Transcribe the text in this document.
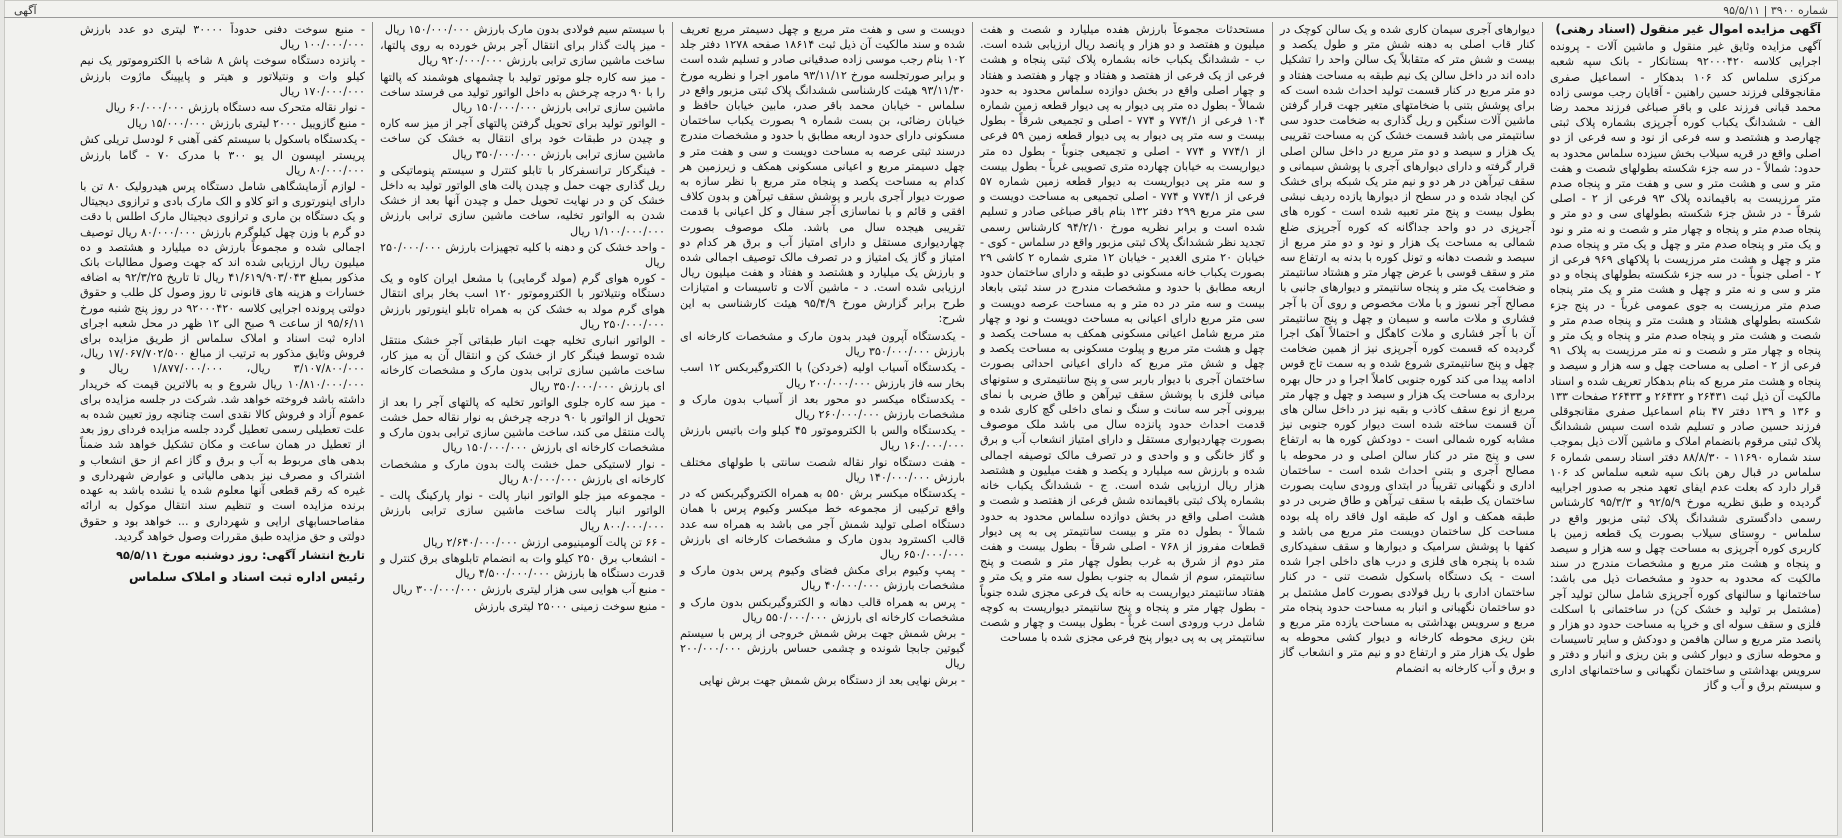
شماره ۳۹۰۰ | ۹۵/۵/۱۱
آگهی
آگهی مزایده اموال غیر منقول (اسناد رهنی)
آگهی مزایده وثایق غیر منقول و ماشین آلات - پرونده اجرایی کلاسه ۹۲۰۰۰۴۲۰ بستانکار - بانک سپه شعبه مرکزی سلماس کد ۱۰۶ بدهکار - اسماعیل صفری مقانجوقلی فرزند حسین راهنین - آقایان رجب موسی زاده محمد قبانی فرزند علی و باقر صباغی فرزند محمد رضا الف - ششدانگ یکباب کوره آجرپزی بشماره پلاک ثبتی چهارصد و هشتصد و سه فرعی از نود و سه فرعی از دو اصلی واقع در قریه سیلاب بخش سیزده سلماس محدود به حدود: شمالاً - در سه جزء شکسته بطولهای شصت و هفت متر و سی و هشت متر و سی و هفت متر و پنجاه صدم متر مرزیست به باقیمانده پلاک ۹۳ فرعی از ۲ - اصلی شرقاً - در شش جزء شکسته بطولهای سی و دو متر و پنجاه صدم متر و پنجاه و چهار متر و شصت و نه متر و نود و یک متر و پنجاه صدم متر و چهل و یک متر و پنجاه صدم متر و چهل و هشت متر مرزیست با پلاکهای ۹۶۹ فرعی از ۲ - اصلی جنوباً - در سه جزء شکسته بطولهای پنجاه و دو متر و سی و نه متر و چهل و هشت متر و یک متر پنجاه صدم متر مرزیست به جوی عمومی غرباً - در پنج جزء شکسته بطولهای هشتاد و هشت متر و پنجاه صدم متر و شصت و هشت متر و پنجاه صدم متر و پنجاه و یک متر و پنجاه و چهار متر و شصت و نه متر مرزیست به پلاک ۹۱ فرعی از ۲ - اصلی به مساحت چهل و سه هزار و سیصد و پنجاه و هشت متر مربع که بنام بدهکار تعریف شده و اسناد مالکیت آن ذیل ثبت ۲۶۴۳۱ و ۲۶۴۳۲ و ۲۶۴۳۳ صفحات ۱۳۳ و ۱۳۶ و ۱۳۹ دفتر ۴۷ بنام اسماعیل صفری مقانجوقلی فرزند حسین صادر و تسلیم شده است سپس ششدانگ پلاک ثبتی مرقوم بانضمام املاک و ماشین آلات ذیل بموجب سند شماره ۱۱۶۹۰ - ۸۸/۸/۳۰ دفتر اسناد رسمی شماره ۶ سلماس در قبال رهن بانک سپه شعبه سلماس کد ۱۰۶ قرار دارد که بعلت عدم ایفای تعهد منجر به صدور اجراییه گردیده و طبق نظریه مورخ ۹۲/۵/۹ و ۹۵/۳/۳ کارشناس رسمی دادگستری ششدانگ پلاک ثبتی مزبور واقع در سلماس - روستای سیلاب بصورت یک قطعه زمین با کاربری کوره آجرپزی به مساحت چهل و سه هزار و سیصد و پنجاه و هشت متر مربع و مشخصات مندرج در سند مالکیت که محدود به حدود و مشخصات ذیل می باشد: ساختمانها و سالنهای کوره آجرپزی شامل سالن تولید آجر (مشتمل بر تولید و خشک کن) در ساختمانی با اسکلت فلزی و سقف سوله ای و خرپا به مساحت حدود دو هزار و پانصد متر مربع و سالن هافمن و دودکش و سایر تاسیسات و محوطه سازی و دیوار کشی و بتن ریزی و انبار و دفتر و سرویس بهداشتی و ساختمان نگهبانی و ساختمانهای اداری و سیستم برق و آب و گاز
دیوارهای آجری سیمان کاری شده و یک سالن کوچک در کنار قاب اصلی به دهنه شش متر و طول یکصد و بیست و شش متر که متقابلاً یک سالن واحد را تشکیل داده اند در داخل سالن یک نیم طبقه به مساحت هفتاد و دو متر مربع در کنار قسمت تولید احداث شده است که برای پوشش بتنی با ضخامتهای متغیر جهت قرار گرفتن ماشین آلات سنگین و ریل گذاری به ضخامت حدود سی سانتیمتر می باشد قسمت خشک کن به مساحت تقریبی یک هزار و سیصد و دو متر مربع در داخل سالن اصلی قرار گرفته و دارای دیوارهای آجری با پوشش سیمانی و سقف تیرآهن در هر دو و نیم متر یک شبکه برای خشک کن ایجاد شده و در سطح از دیوارها یازده ردیف نبشی بطول بیست و پنج متر تعبیه شده است - کوره های آجرپزی در دو واحد جداگانه که کوره آجرپزی ضلع شمالی به مساحت یک هزار و نود و دو متر مربع از سیصد و شصت دهانه و تونل کوره با بدنه به ارتفاع سه متر و سقف قوسی با عرض چهار متر و هشتاد سانتیمتر و ضخامت یک متر و پنجاه سانتیمتر و دیوارهای جانبی با مصالح آجر نسوز و با ملات مخصوص و روی آن با آجر فشاری و ملات ماسه و سیمان و چهل و پنج سانتیمتر آن با آجر فشاری و ملات کاهگل و احتمالاً آهک اجرا گردیده که قسمت کوره آجرپزی نیز از همین ضخامت چهل و پنج سانتیمتری شروع شده و به سمت تاج قوس ادامه پیدا می کند کوره جنوبی کاملاً اجرا و در حال بهره برداری به مساحت یک هزار و سیصد و چهل و چهار متر مربع از نوع سقف کاذب و بقیه نیز در داخل سالن های آن قسمت ساخته شده است دیوار کوره جنوبی نیز مشابه کوره شمالی است - دودکش کوره ها به ارتفاع سی و پنج متر در کنار سالن اصلی و در محوطه با مصالح آجری و بتنی احداث شده است - ساختمان اداری و نگهبانی تقریباً در ابتدای ورودی سایت بصورت ساختمان یک طبقه با سقف تیرآهن و طاق ضربی در دو طبقه همکف و اول که طبقه اول فاقد راه پله بوده مساحت کل ساختمان دویست متر مربع می باشد و کفها با پوشش سرامیک و دیوارها و سقف سفیدکاری شده با پنجره های فلزی و درب های داخلی اجرا شده است - یک دستگاه باسکول شصت تنی - در کنار ساختمان اداری با ریل فولادی بصورت کامل مشتمل بر دو ساختمان نگهبانی و انبار به مساحت حدود پنجاه متر مربع و سرویس بهداشتی به مساحت یازده متر مربع و بتن ریزی محوطه کارخانه و دیوار کشی محوطه به طول یک هزار متر و ارتفاع دو و نیم متر و انشعاب گاز و برق و آب کارخانه به انضمام
مستحدثات مجموعاً بارزش هفده میلیارد و شصت و هفت میلیون و هفتصد و دو هزار و پانصد ریال ارزیابی شده است. ب - ششدانگ یکباب خانه بشماره پلاک ثبتی پنجاه و هشت فرعی از یک فرعی از هفتصد و هفتاد و چهار و هفتصد و هفتاد و چهار اصلی واقع در بخش دوازده سلماس محدود به حدود شمالاً - بطول ده متر پی دیوار به پی دیوار قطعه زمین شماره ۱۰۴ فرعی از ۷۷۴/۱ و ۷۷۴ - اصلی و تجمیعی شرقاً - بطول بیست و سه متر پی دیوار به پی دیوار قطعه زمین ۵۹ فرعی از ۷۷۴/۱ و ۷۷۴ - اصلی و تجمیعی جنوباً - بطول ده متر دیواریست به خیابان چهارده متری تصویبی غرباً - بطول بیست و سه متر پی دیواریست به دیوار قطعه زمین شماره ۵۷ فرعی از ۷۷۴/۱ و ۷۷۴ - اصلی تجمیعی به مساحت دویست و سی متر مربع ۲۹۹ دفتر ۱۳۲ بنام باقر صباغی صادر و تسلیم شده است و برابر نظریه مورخ ۹۴/۲/۱۰ کارشناس رسمی تجدید نظر ششدانگ پلاک ثبتی مزبور واقع در سلماس - کوی - خیابان ۲۰ متری الغدیر - خیابان ۱۲ متری شماره ۲ کاشی ۲۹ بصورت یکباب خانه مسکونی دو طبقه و دارای ساختمان حدود اربعه مطابق با حدود و مشخصات مندرج در سند ثبتی بابعاد بیست و سه متر در ده متر و به مساحت عرصه دویست و سی متر مربع دارای اعیانی به مساحت دویست و نود و چهار متر مربع شامل اعیانی مسکونی همکف به مساحت یکصد و چهل و هشت متر مربع و پیلوت مسکونی به مساحت یکصد و چهل و شش متر مربع که دارای اعیانی احداثی بصورت ساختمان آجری با دیوار باربر سی و پنج سانتیمتری و ستونهای میانی فلزی با پوشش سقف تیرآهن و طاق ضربی با نمای بیرونی آجر سه سانت و سنگ و نمای داخلی گچ کاری شده و قدمت احداث حدود پانزده سال می باشد ملک موصوف بصورت چهاردیواری مستقل و دارای امتیاز انشعاب آب و برق و گاز خانگی و و واحدی و در تصرف مالک توصیفه اجمالی شده و بارزش سه میلیارد و یکصد و هفت میلیون و هشتصد هزار ریال ارزیابی شده است. ج - ششدانگ یکباب خانه بشماره پلاک ثبتی باقیمانده شش فرعی از هفتصد و شصت و هشت اصلی واقع در بخش دوازده سلماس محدود به حدود شمالاً - بطول ده متر و بیست سانتیمتر پی به پی دیوار قطعات مفروز از ۷۶۸ - اصلی شرقاً - بطول بیست و هفت متر دوم از شرق به غرب بطول چهار متر و شصت و پنج سانتیمتر، سوم از شمال به جنوب بطول سه متر و یک متر و هفتاد سانتیمتر دیواریست به خانه یک فرعی مجزی شده جنوباً - بطول چهار متر و پنجاه و پنج سانتیمتر دیواریست به کوچه شامل درب ورودی است غرباً - بطول بیست و چهار و شصت سانتیمتر پی به پی دیوار پنج فرعی مجزی شده با مساحت
دویست و سی و هفت متر مربع و چهل دسیمتر مربع تعریف شده و سند مالکیت آن ذیل ثبت ۱۸۶۱۴ صفحه ۱۲۷۸ دفتر جلد ۱۰۲ بنام رجب موسی زاده صدقیانی صادر و تسلیم شده است و برابر صورتجلسه مورخ ۹۳/۱۱/۱۲ مامور اجرا و نظریه مورخ ۹۳/۱۱/۳۰ هیئت کارشناسی ششدانگ پلاک ثبتی مزبور واقع در سلماس - خیابان محمد باقر صدر، مابین خیابان حافظ و خیابان رضائی، بن بست شماره ۹ بصورت یکباب ساختمان مسکونی دارای حدود اربعه مطابق با حدود و مشخصات مندرج درسند ثبتی عرصه به مساحت دویست و سی و هفت متر و چهل دسیمتر مربع و اعیانی مسکونی همکف و زیرزمین هر کدام به مساحت یکصد و پنجاه متر مربع با نظر سازه به صورت دیوار آجری باربر و پوشش سقف تیرآهن و بدون کلاف افقی و قائم و با نماسازی آجر سفال و کل اعیانی با قدمت تقریبی هیجده سال می باشد. ملک موصوف بصورت چهاردیواری مستقل و دارای امتیاز آب و برق هر کدام دو امتیاز و گاز یک امتیاز و در تصرف مالک توصیف اجمالی شده و بارزش یک میلیارد و هشتصد و هفتاد و هفت میلیون ریال ارزیابی شده است. د - ماشین آلات و تاسیسات و امتیازات طرح برابر گزارش مورخ ۹۵/۴/۹ هیئت کارشناسی به این شرح:
- یکدستگاه آپرون فیدر بدون مارک و مشخصات کارخانه ای بارزش ۳۵۰/۰۰۰/۰۰۰ ریال
- یکدستگاه آسیاب اولیه (خردکن) با الکتروگیربکس ۱۲ اسب بخار سه فاز بارزش ۲۰۰/۰۰۰/۰۰۰ ریال
- یکدستگاه میکسر دو محور بعد از آسیاب بدون مارک و مشخصات بارزش ۲۶۰/۰۰۰/۰۰۰ ریال
- یکدستگاه والس با الکتروموتور ۴۵ کیلو وات باتیس بارزش ۱۶۰/۰۰۰/۰۰۰ ریال
- هفت دستگاه نوار نقاله شصت سانتی با طولهای مختلف بارزش ۱۴۰/۰۰۰/۰۰۰ ریال
- یکدستگاه میکسر برش ۵۵۰ به همراه الکتروگیربکس که در واقع ترکیبی از مجموعه خط میکسر وکیوم پرس با همان دستگاه اصلی تولید شمش آجر می باشد به همراه سه عدد قالب اکسترود بدون مارک و مشخصات کارخانه ای بارزش ۶۵۰/۰۰۰/۰۰۰ ریال
- پمپ وکیوم برای مکش فضای وکیوم پرس بدون مارک و مشخصات بارزش ۴۰/۰۰۰/۰۰۰ ریال
- پرس به همراه قالب دهانه و الکتروگیربکس بدون مارک و مشخصات کارخانه ای بارزش ۵۵۰/۰۰۰/۰۰۰ ریال
- برش شمش جهت برش شمش خروجی از پرس با سیستم گیوتین جابجا شونده و چشمی حساس بارزش ۲۰۰/۰۰۰/۰۰۰ ریال
- برش نهایی بعد از دستگاه برش شمش جهت برش نهایی
با سیستم سیم فولادی بدون مارک بارزش ۱۵۰/۰۰۰/۰۰۰ ریال
- میز پالت گذار برای انتقال آجر برش خورده به روی پالتها، ساخت ماشین سازی ترابی بارزش ۹۲۰/۰۰۰/۰۰۰ ریال
- میز سه کاره جلو موتور تولید با چشمهای هوشمند که پالتها را با ۹۰ درجه چرخش به داخل الواتور تولید می فرستد ساخت ماشین سازی ترابی بارزش ۱۵۰/۰۰۰/۰۰۰ ریال
- الواتور تولید برای تحویل گرفتن پالتهای آجر از میز سه کاره و چیدن در طبقات خود برای انتقال به خشک کن ساخت ماشین سازی ترابی بارزش ۳۵۰/۰۰۰/۰۰۰ ریال
- فینگرکار ترانسفرکار با تابلو کنترل و سیستم پنوماتیکی و ریل گذاری جهت حمل و چیدن پالت های الواتور تولید به داخل خشک کن و در نهایت تحویل حمل و چیدن آنها بعد از خشک شدن به الواتور تخلیه، ساخت ماشین سازی ترابی بارزش ۱/۱۰۰/۰۰۰/۰۰۰ ریال
- واحد خشک کن و دهنه با کلیه تجهیزات بارزش ۲۵۰/۰۰۰/۰۰۰ ریال
- کوره هوای گرم (مولد گرمایی) با مشعل ایران کاوه و یک دستگاه ونتیلاتور با الکتروموتور ۱۲۰ اسب بخار برای انتقال هوای گرم مولد به خشک کن به همراه تابلو اینورتور بارزش ۲۵۰/۰۰۰/۰۰۰ ریال
- الواتور انباری تخلیه جهت انبار طبقاتی آجر خشک منتقل شده توسط فینگر کار از خشک کن و انتقال آن به میز کار، ساخت ماشین سازی ترابی بدون مارک و مشخصات کارخانه ای بارزش ۳۵۰/۰۰۰/۰۰۰ ریال
- میز سه کاره جلوی الواتور تخلیه که پالتهای آجر را بعد از تحویل از الواتور با ۹۰ درجه چرخش به نوار نقاله حمل خشت پالت منتقل می کند، ساخت ماشین سازی ترابی بدون مارک و مشخصات کارخانه ای بارزش ۱۵۰/۰۰۰/۰۰۰ ریال
- نوار لاستیکی حمل خشت پالت بدون مارک و مشخصات کارخانه ای بارزش ۸۰/۰۰۰/۰۰۰ ریال
- مجموعه میز جلو الواتور انبار پالت - نوار پارکینگ پالت - الواتور انبار پالت ساخت ماشین سازی ترابی بارزش ۸۰۰/۰۰۰/۰۰۰ ریال
- ۶۶ تن پالت آلومینیومی ارزش ۲/۶۴۰/۰۰۰/۰۰۰ ریال
- انشعاب برق ۲۵۰ کیلو وات به انضمام تابلوهای برق کنترل و قدرت دستگاه ها بارزش ۴/۵۰۰/۰۰۰/۰۰۰ ریال
- منبع آب هوایی سی هزار لیتری بارزش ۳۰۰/۰۰۰/۰۰۰ ریال
- منبع سوخت زمینی ۲۵۰۰۰ لیتری بارزش
- منبع سوخت دفنی حدوداً ۳۰۰۰۰ لیتری دو عدد بارزش ۱۰۰/۰۰۰/۰۰۰ ریال
- پانزده دستگاه سوخت پاش ۸ شاخه با الکتروموتور یک نیم کیلو وات و ونتیلاتور و هیتر و پایپینگ ماژوت بارزش ۱۷۰/۰۰۰/۰۰۰ ریال
- نوار نقاله متحرک سه دستگاه بارزش ۶۰/۰۰۰/۰۰۰ ریال
- منبع گازوییل ۲۰۰۰ لیتری بارزش ۱۵/۰۰۰/۰۰۰ ریال
- یکدستگاه باسکول با سیستم کفی آهنی ۶ لودسل تریلی کش پریستر ایپسون ال یو ۳۰۰ با مدرک ۷۰ - گاما بارزش ۸۰/۰۰۰/۰۰۰ ریال
- لوازم آزمایشگاهی شامل دستگاه پرس هیدرولیک ۸۰ تن با دارای اینورتوری و اتو کلاو و الک مارک بادی و ترازوی دیجیتال و یک دستگاه بن ماری و ترازوی دیجیتال مارک اطلس با دقت دو گرم با وزن چهل کیلوگرم بارزش ۸۰/۰۰۰/۰۰۰ ریال توصیف اجمالی شده و مجموعاً بارزش ده میلیارد و هشتصد و ده میلیون ریال ارزیابی شده اند که جهت وصول مطالبات بانک مذکور بمبلغ ۴۱/۶۱۹/۹۰۳/۰۴۳ ریال تا تاریخ ۹۲/۳/۲۵ به اضافه خسارات و هزینه های قانونی تا روز وصول کل طلب و حقوق دولتی پرونده اجرایی کلاسه ۹۲۰۰۰۴۲۰ در روز پنج شنبه مورخ ۹۵/۶/۱۱ از ساعت ۹ صبح الی ۱۲ ظهر در محل شعبه اجرای اداره ثبت اسناد و املاک سلماس از طریق مزایده برای فروش وثایق مذکور به ترتیب از مبالغ ۱۷/۰۶۷/۷۰۲/۵۰۰ ریال، ۳/۱۰۷/۸۰۰/۰۰۰ ریال، ۱/۸۷۷/۰۰۰/۰۰۰ ریال و ۱۰/۸۱۰/۰۰۰/۰۰۰ ریال شروع و به بالاترین قیمت که خریدار داشته باشد فروخته خواهد شد. شرکت در جلسه مزایده برای عموم آزاد و فروش کالا نقدی است چنانچه روز تعیین شده به علت تعطیلی رسمی تعطیل گردد جلسه مزایده فردای روز بعد از تعطیل در همان ساعت و مکان تشکیل خواهد شد ضمناً بدهی های مربوط به آب و برق و گاز اعم از حق انشعاب و اشتراک و مصرف نیز بدهی مالیاتی و عوارض شهرداری و غیره که رقم قطعی آنها معلوم شده یا نشده باشد به عهده برنده مزایده است و تنظیم سند انتقال موکول به ارائه مفاصاحسابهای ارایی و شهرداری و ... خواهد بود و حقوق دولتی و حق مزایده طبق مقررات وصول خواهد گردید.
تاریخ انتشار آگهی: روز دوشنبه مورخ ۹۵/۵/۱۱
رئیس اداره ثبت اسناد و املاک سلماس
